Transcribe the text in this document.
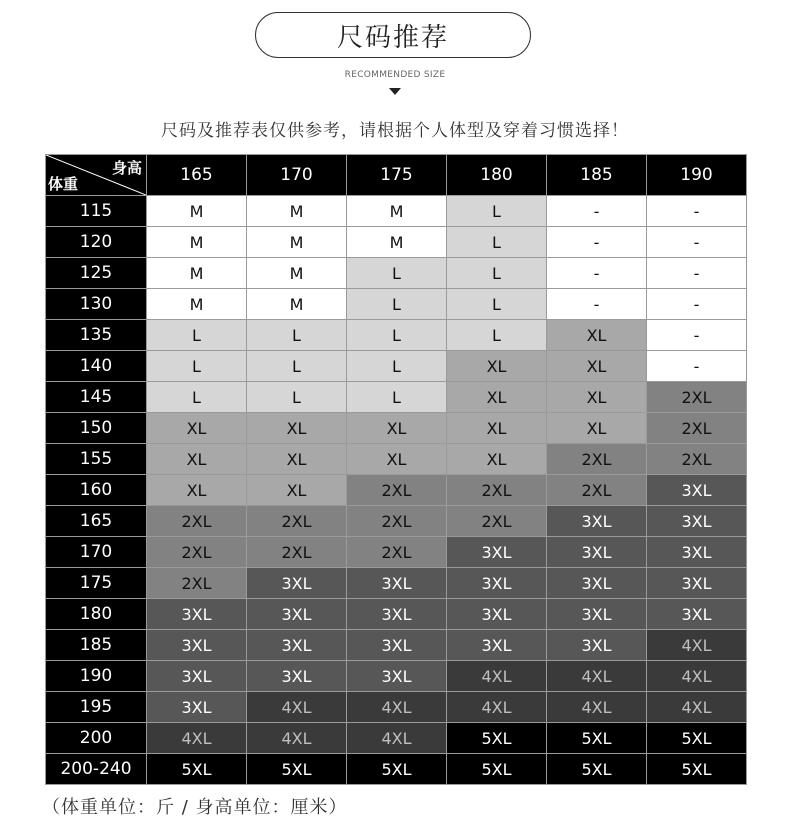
尺码推荐
RECOMMENDED SIZE
尺码及推荐表仅供参考，请根据个人体型及穿着习惯选择！
身高
体重	165	170	175	180	185	190
115	M	M	M	L	-	-
120	M	M	M	L	-	-
125	M	M	L	L	-	-
130	M	M	L	L	-	-
135	L	L	L	L	XL	-
140	L	L	L	XL	XL	-
145	L	L	L	XL	XL	2XL
150	XL	XL	XL	XL	XL	2XL
155	XL	XL	XL	XL	2XL	2XL
160	XL	XL	2XL	2XL	2XL	3XL
165	2XL	2XL	2XL	2XL	3XL	3XL
170	2XL	2XL	2XL	3XL	3XL	3XL
175	2XL	3XL	3XL	3XL	3XL	3XL
180	3XL	3XL	3XL	3XL	3XL	3XL
185	3XL	3XL	3XL	3XL	3XL	4XL
190	3XL	3XL	3XL	4XL	4XL	4XL
195	3XL	4XL	4XL	4XL	4XL	4XL
200	4XL	4XL	4XL	5XL	5XL	5XL
200-240	5XL	5XL	5XL	5XL	5XL	5XL
（体重单位：斤 / 身高单位：厘米）
